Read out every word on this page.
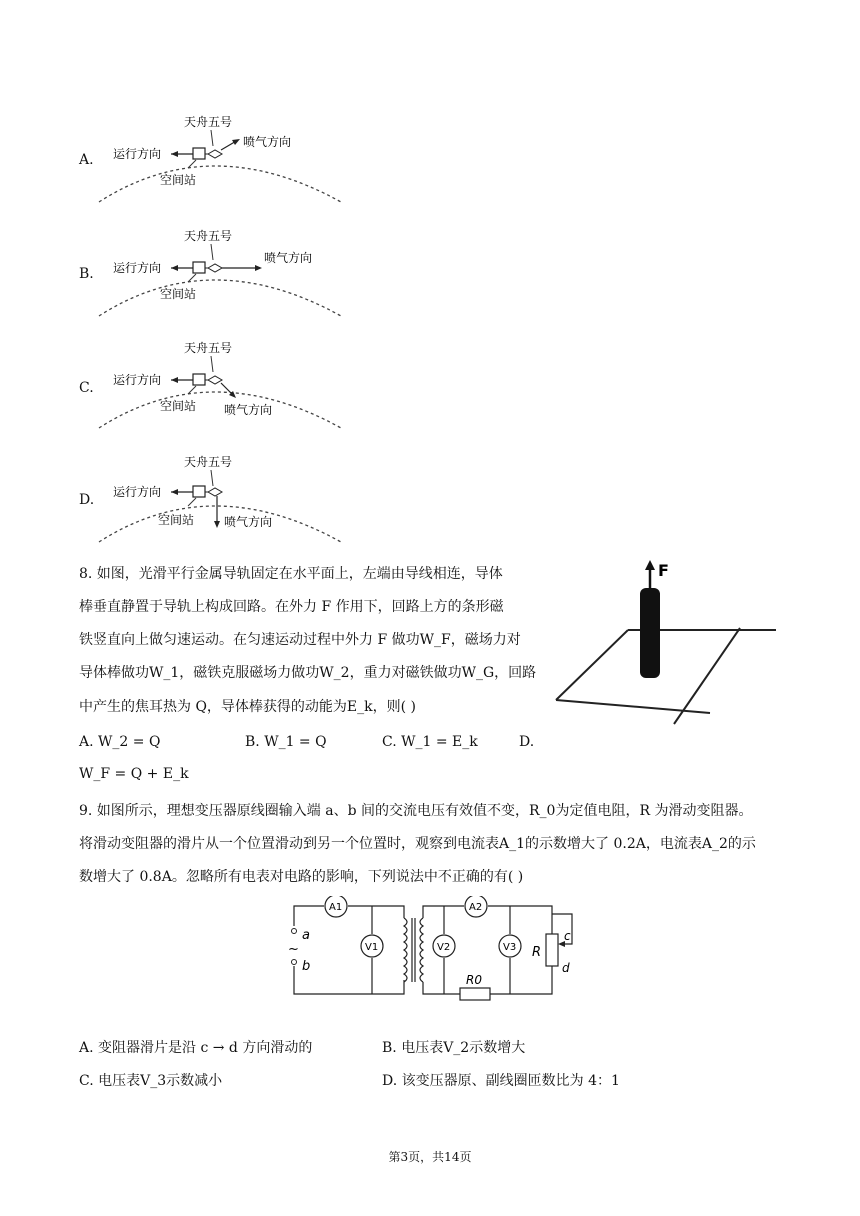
A.
天舟五号
运行方向
喷气方向
空间站
B.
天舟五号
运行方向
喷气方向
空间站
C.
天舟五号
运行方向
喷气方向
空间站
D.
天舟五号
运行方向
喷气方向
空间站
8. 如图，光滑平行金属导轨固定在水平面上，左端由导线相连，导体
棒垂直静置于导轨上构成回路。在外力 F 作用下，回路上方的条形磁
铁竖直向上做匀速运动。在匀速运动过程中外力 F 做功W_F，磁场力对
导体棒做功W_1，磁铁克服磁场力做功W_2，重力对磁铁做功W_G，回路
中产生的焦耳热为 Q，导体棒获得的动能为E_k，则( )
A. W_2 = Q	B. W_1 = Q	C. W_1 = E_k	D.
W_F = Q + E_k
F
9. 如图所示，理想变压器原线圈输入端 a、b 间的交流电压有效值不变，R_0为定值电阻，R 为滑动变阻器。
将滑动变阻器的滑片从一个位置滑动到另一个位置时，观察到电流表A_1的示数增大了 0.2A，电流表A_2的示
数增大了 0.8A。忽略所有电表对电路的影响，下列说法中不正确的有( )
a
b
~
A1	A2
V1	V2	V3 R
R0
c
d
A. 变阻器滑片是沿 c → d 方向滑动的	B. 电压表V_2示数增大
C. 电压表V_3示数减小	D. 该变压器原、副线圈匝数比为 4：1
第3页，共14页
